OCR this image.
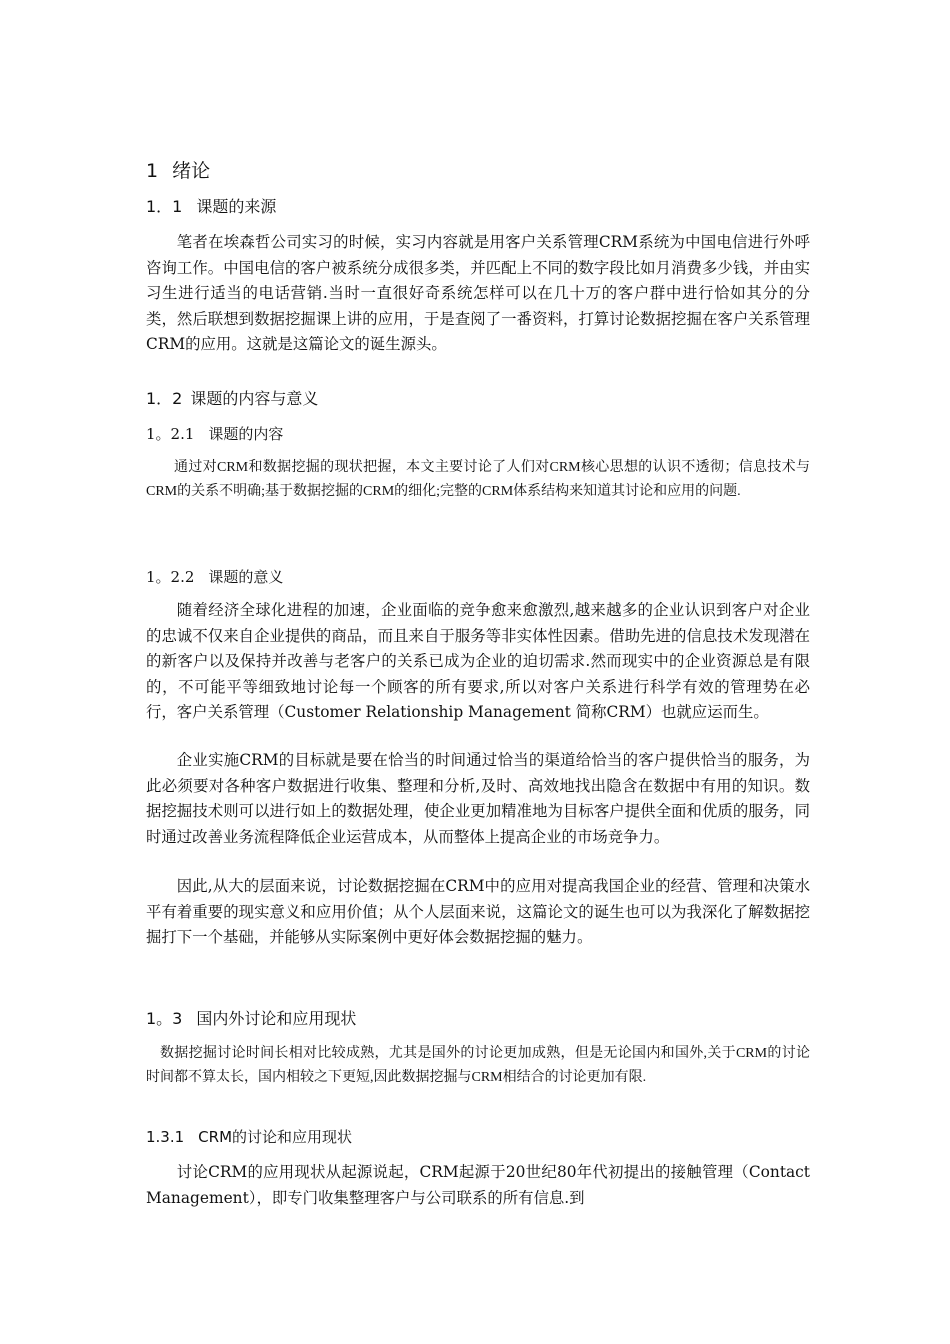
1 绪论
1．1 课题的来源

笔者在埃森哲公司实习的时候，实习内容就是用客户关系管理CRM系统为中国电信进行外呼咨询工作。中国电信的客户被系统分成很多类，并匹配上不同的数字段比如月消费多少钱，并由实习生进行适当的电话营销.当时一直很好奇系统怎样可以在几十万的客户群中进行恰如其分的分类，然后联想到数据挖掘课上讲的应用，于是查阅了一番资料，打算讨论数据挖掘在客户关系管理CRM的应用。这就是这篇论文的诞生源头。

1．2 课题的内容与意义
1。2.1 课题的内容

通过对CRM和数据挖掘的现状把握，本文主要讨论了人们对CRM核心思想的认识不透彻；信息技术与CRM的关系不明确;基于数据挖掘的CRM的细化;完整的CRM体系结构来知道其讨论和应用的问题.

1。2.2 课题的意义

随着经济全球化进程的加速，企业面临的竞争愈来愈激烈,越来越多的企业认识到客户对企业的忠诚不仅来自企业提供的商品，而且来自于服务等非实体性因素。借助先进的信息技术发现潜在的新客户以及保持并改善与老客户的关系已成为企业的迫切需求.然而现实中的企业资源总是有限的，不可能平等细致地讨论每一个顾客的所有要求,所以对客户关系进行科学有效的管理势在必行，客户关系管理（Customer Relationship Management 简称CRM）也就应运而生。

企业实施CRM的目标就是要在恰当的时间通过恰当的渠道给恰当的客户提供恰当的服务，为此必须要对各种客户数据进行收集、整理和分析,及时、高效地找出隐含在数据中有用的知识。数据挖掘技术则可以进行如上的数据处理，使企业更加精准地为目标客户提供全面和优质的服务，同时通过改善业务流程降低企业运营成本，从而整体上提高企业的市场竞争力。

因此,从大的层面来说，讨论数据挖掘在CRM中的应用对提高我国企业的经营、管理和决策水平有着重要的现实意义和应用价值；从个人层面来说，这篇论文的诞生也可以为我深化了解数据挖掘打下一个基础，并能够从实际案例中更好体会数据挖掘的魅力。

1。3 国内外讨论和应用现状

数据挖掘讨论时间长相对比较成熟，尤其是国外的讨论更加成熟，但是无论国内和国外,关于CRM的讨论时间都不算太长，国内相较之下更短,因此数据挖掘与CRM相结合的讨论更加有限.

1.3.1 CRM的讨论和应用现状

讨论CRM的应用现状从起源说起，CRM起源于20世纪80年代初提出的接触管理（Contact Management），即专门收集整理客户与公司联系的所有信息.到
